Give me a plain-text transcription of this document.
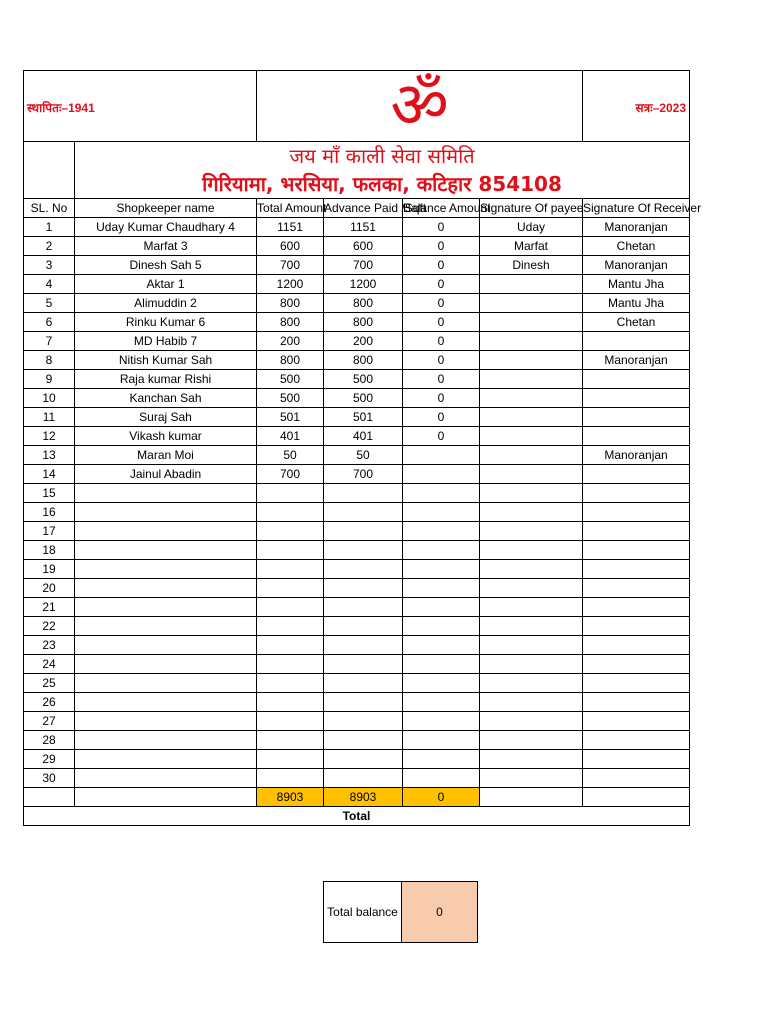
स्थापितः–1941		ॐ				सत्रः–2023

	जय माँ काली सेवा समिति
गिरियामा, भरसिया, फलका, कटिहार 854108					

SL. No	Shopkeeper name	Total Amount	Advance Paid /Sqft	Balance Amount	Signature Of payee	Signature Of Receiver
1	Uday Kumar Chaudhary 4	1151	1151	0	Uday	Manoranjan
2	Marfat 3	600	600	0	Marfat	Chetan
3	Dinesh Sah 5	700	700	0	Dinesh	Manoranjan
4	Aktar 1	1200	1200	0		Mantu Jha
5	Alimuddin 2	800	800	0		Mantu Jha
6	Rinku Kumar 6	800	800	0		Chetan
7	MD Habib 7	200	200	0		
8	Nitish Kumar Sah	800	800	0		Manoranjan
9	Raja kumar Rishi	500	500	0		
10	Kanchan Sah	500	500	0		
11	Suraj Sah	501	501	0		
12	Vikash kumar	401	401	0		
13	Maran Moi	50	50			Manoranjan
14	Jainul Abadin	700	700			
15						
16						
17						
18						
19						
20						
21						
22						
23						
24						
25						
26						
27						
28						
29						
30						
		8903	8903	0		
Total						
Total balance	0
